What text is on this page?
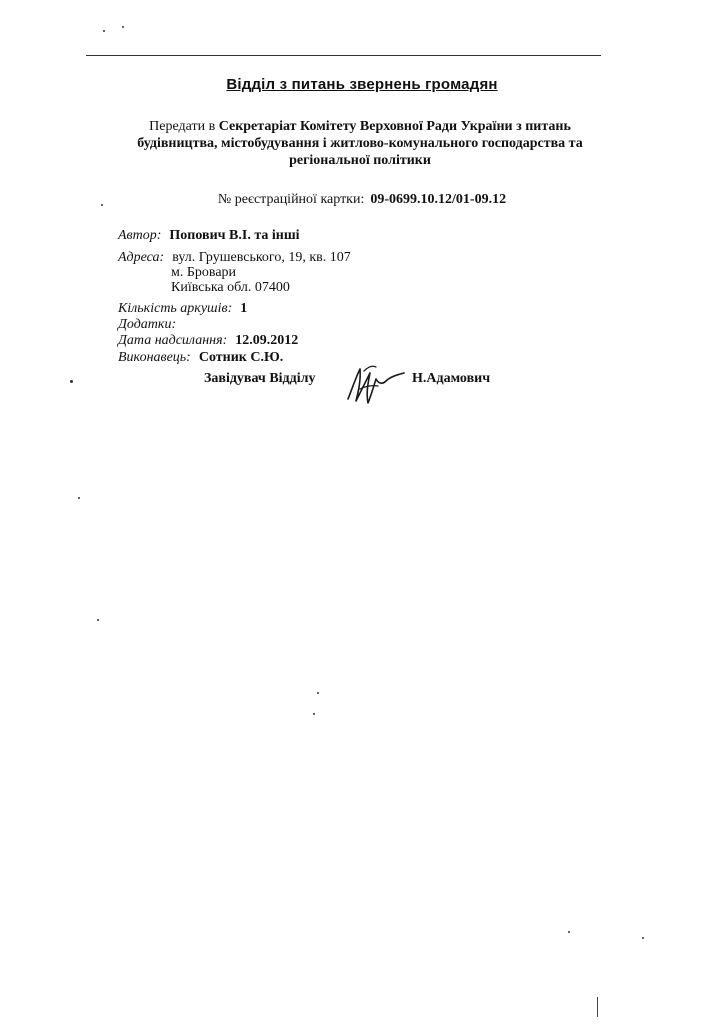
Відділ з питань звернень громадян
Передати в Секретаріат Комітету Верховної Ради України з питань будівництва, містобудування і житлово-комунального господарства та регіональної політики
№ реєстраційної картки: 09-0699.10.12/01-09.12
Автор: Попович В.І. та інші
Адреса: вул. Грушевського, 19, кв. 107
м. Бровари
Київська обл. 07400
Кількість аркушів: 1
Додатки:
Дата надсилання: 12.09.2012
Виконавець: Сотник С.Ю.
Завідувач Відділу	Н.Адамович
